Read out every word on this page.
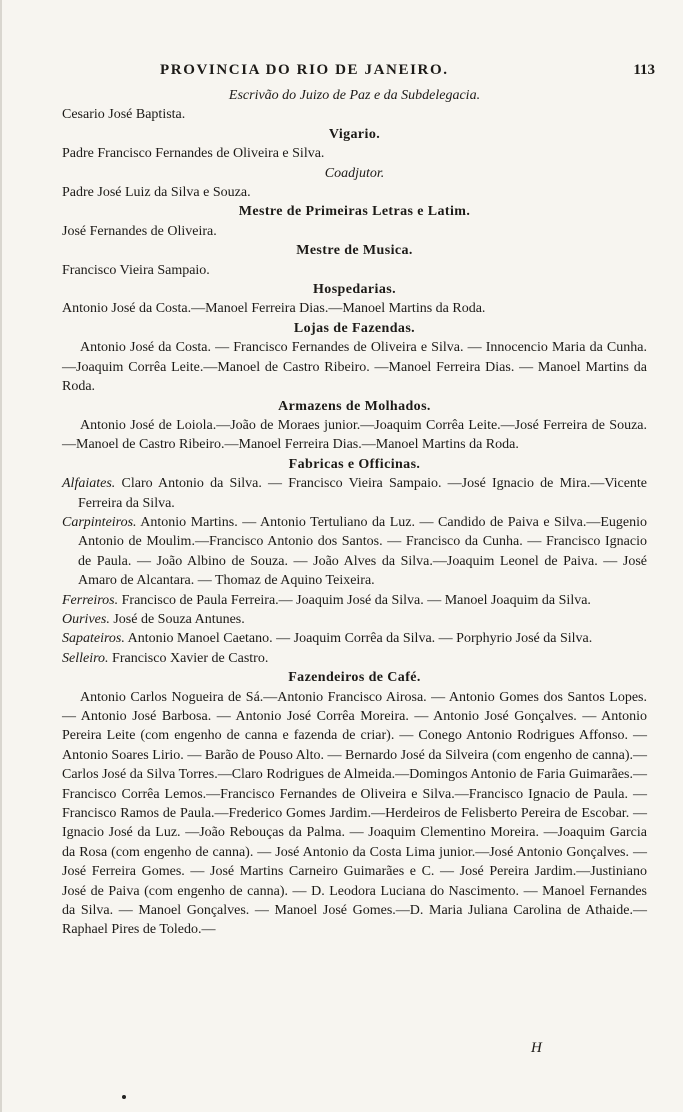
PROVINCIA DO RIO DE JANEIRO.	113
Escrivão do Juizo de Paz e da Subdelegacia.
Cesario José Baptista.
Vigario.
Padre Francisco Fernandes de Oliveira e Silva.
Coadjutor.
Padre José Luiz da Silva e Souza.
Mestre de Primeiras Letras e Latim.
José Fernandes de Oliveira.
Mestre de Musica.
Francisco Vieira Sampaio.
Hospedarias.
Antonio José da Costa.—Manoel Ferreira Dias.—Manoel Martins da Roda.
Lojas de Fazendas.
Antonio José da Costa. — Francisco Fernandes de Oliveira e Silva. — Innocencio Maria da Cunha. —Joaquim Corrêa Leite.—Manoel de Castro Ribeiro. —Manoel Ferreira Dias. — Manoel Martins da Roda.
Armazens de Molhados.
Antonio José de Loiola.—João de Moraes junior.—Joaquim Corrêa Leite.—José Ferreira de Souza.—Manoel de Castro Ribeiro.—Manoel Ferreira Dias.—Manoel Martins da Roda.
Fabricas e Officinas.
Alfaiates. Claro Antonio da Silva. — Francisco Vieira Sampaio. —José Ignacio de Mira.—Vicente Ferreira da Silva.
Carpinteiros. Antonio Martins. — Antonio Tertuliano da Luz. — Candido de Paiva e Silva.—Eugenio Antonio de Moulim.—Francisco Antonio dos Santos. — Francisco da Cunha. — Francisco Ignacio de Paula. — João Albino de Souza. — João Alves da Silva.—Joaquim Leonel de Paiva. — José Amaro de Alcantara. — Thomaz de Aquino Teixeira.
Ferreiros. Francisco de Paula Ferreira.— Joaquim José da Silva. — Manoel Joaquim da Silva.
Ourives. José de Souza Antunes.
Sapateiros. Antonio Manoel Caetano. — Joaquim Corrêa da Silva. — Porphyrio José da Silva.
Selleiro. Francisco Xavier de Castro.
Fazendeiros de Café.
Antonio Carlos Nogueira de Sá.—Antonio Francisco Airosa. — Antonio Gomes dos Santos Lopes. — Antonio José Barbosa. — Antonio José Corrêa Moreira. — Antonio José Gonçalves. — Antonio Pereira Leite (com engenho de canna e fazenda de criar). — Conego Antonio Rodrigues Affonso. — Antonio Soares Lirio. — Barão de Pouso Alto. — Bernardo José da Silveira (com engenho de canna).—Carlos José da Silva Torres.—Claro Rodrigues de Almeida.—Domingos Antonio de Faria Guimarães.—Francisco Corrêa Lemos.—Francisco Fernandes de Oliveira e Silva.—Francisco Ignacio de Paula. — Francisco Ramos de Paula.—Frederico Gomes Jardim.—Herdeiros de Felisberto Pereira de Escobar. — Ignacio José da Luz. —João Rebouças da Palma. — Joaquim Clementino Moreira. —Joaquim Garcia da Rosa (com engenho de canna). — José Antonio da Costa Lima junior.—José Antonio Gonçalves. — José Ferreira Gomes. — José Martins Carneiro Guimarães e C. — José Pereira Jardim.—Justiniano José de Paiva (com engenho de canna). — D. Leodora Luciana do Nascimento. — Manoel Fernandes da Silva. — Manoel Gonçalves. — Manoel José Gomes.—D. Maria Juliana Carolina de Athaide.—Raphael Pires de Toledo.—
H
